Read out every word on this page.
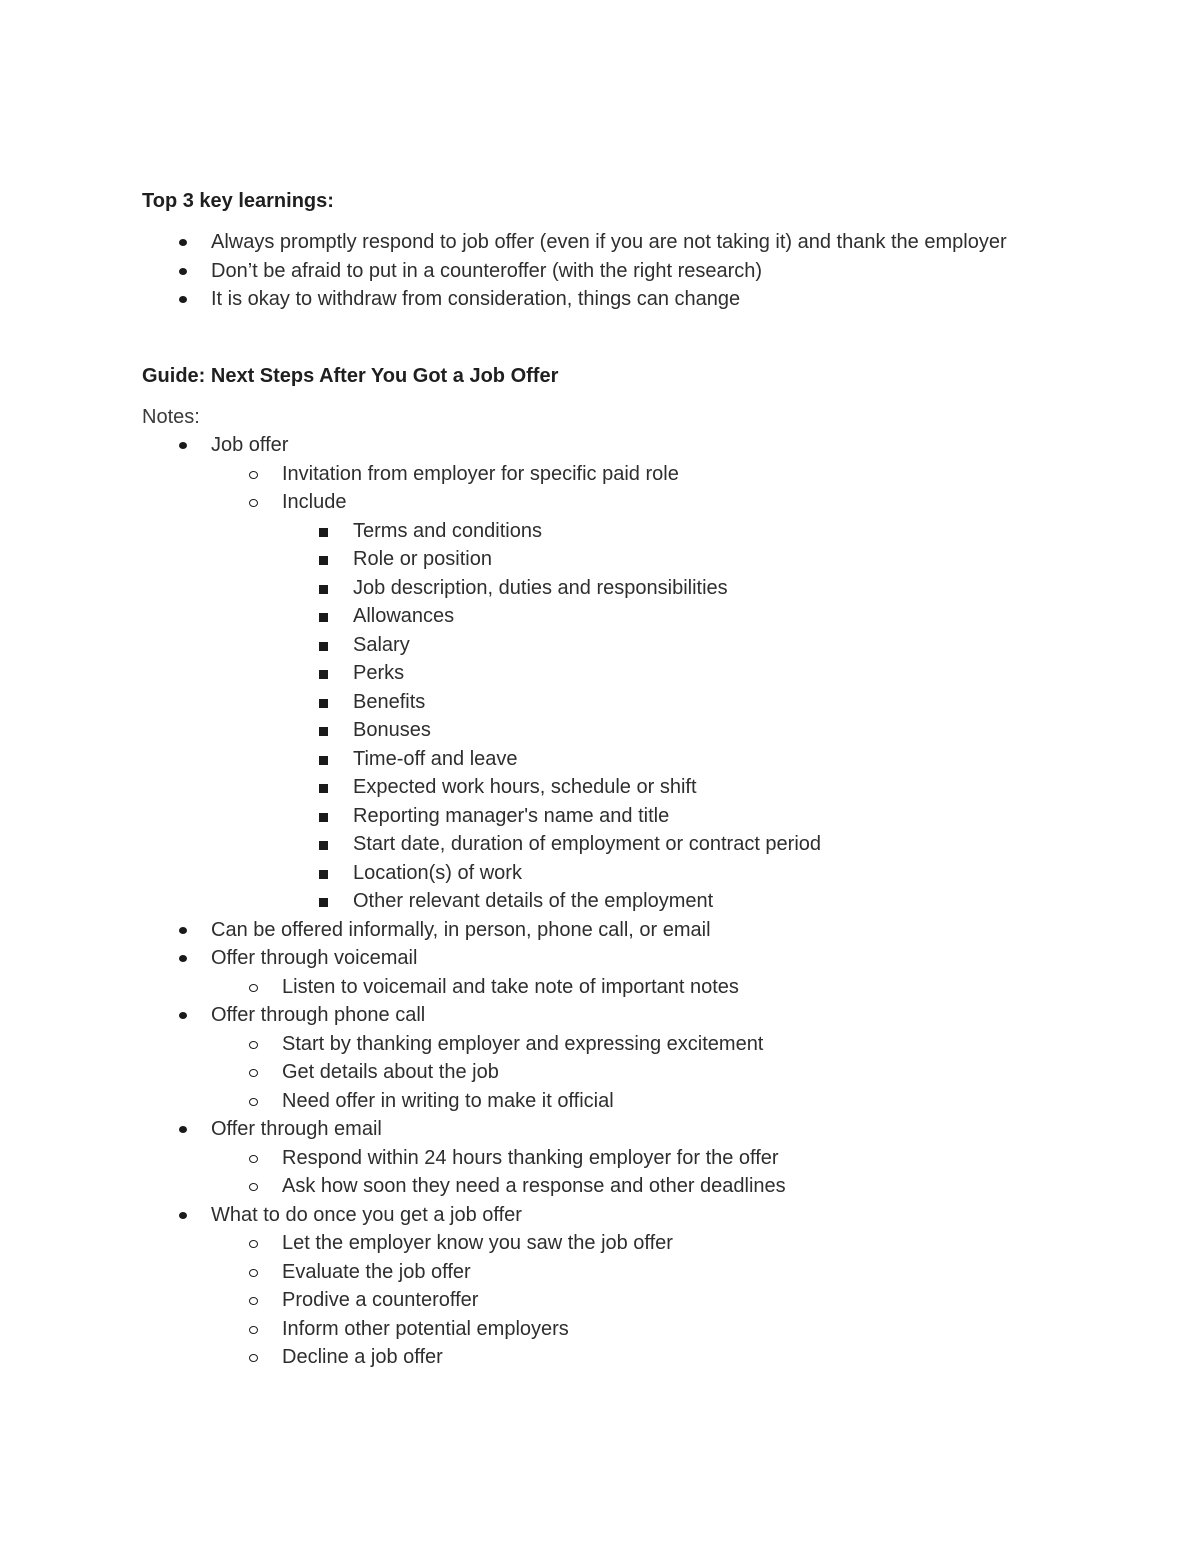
Top 3 key learnings:

Always promptly respond to job offer (even if you are not taking it) and thank the employer
Don’t be afraid to put in a counteroffer (with the right research)
It is okay to withdraw from consideration, things can change

Guide: Next Steps After You Got a Job Offer

Notes:

Job offer
Invitation from employer for specific paid role
Include
Terms and conditions
Role or position
Job description, duties and responsibilities
Allowances
Salary
Perks
Benefits
Bonuses
Time-off and leave
Expected work hours, schedule or shift
Reporting manager's name and title
Start date, duration of employment or contract period
Location(s) of work
Other relevant details of the employment
Can be offered informally, in person, phone call, or email
Offer through voicemail
Listen to voicemail and take note of important notes
Offer through phone call
Start by thanking employer and expressing excitement
Get details about the job
Need offer in writing to make it official
Offer through email
Respond within 24 hours thanking employer for the offer
Ask how soon they need a response and other deadlines
What to do once you get a job offer
Let the employer know you saw the job offer
Evaluate the job offer
Prodive a counteroffer
Inform other potential employers
Decline a job offer
